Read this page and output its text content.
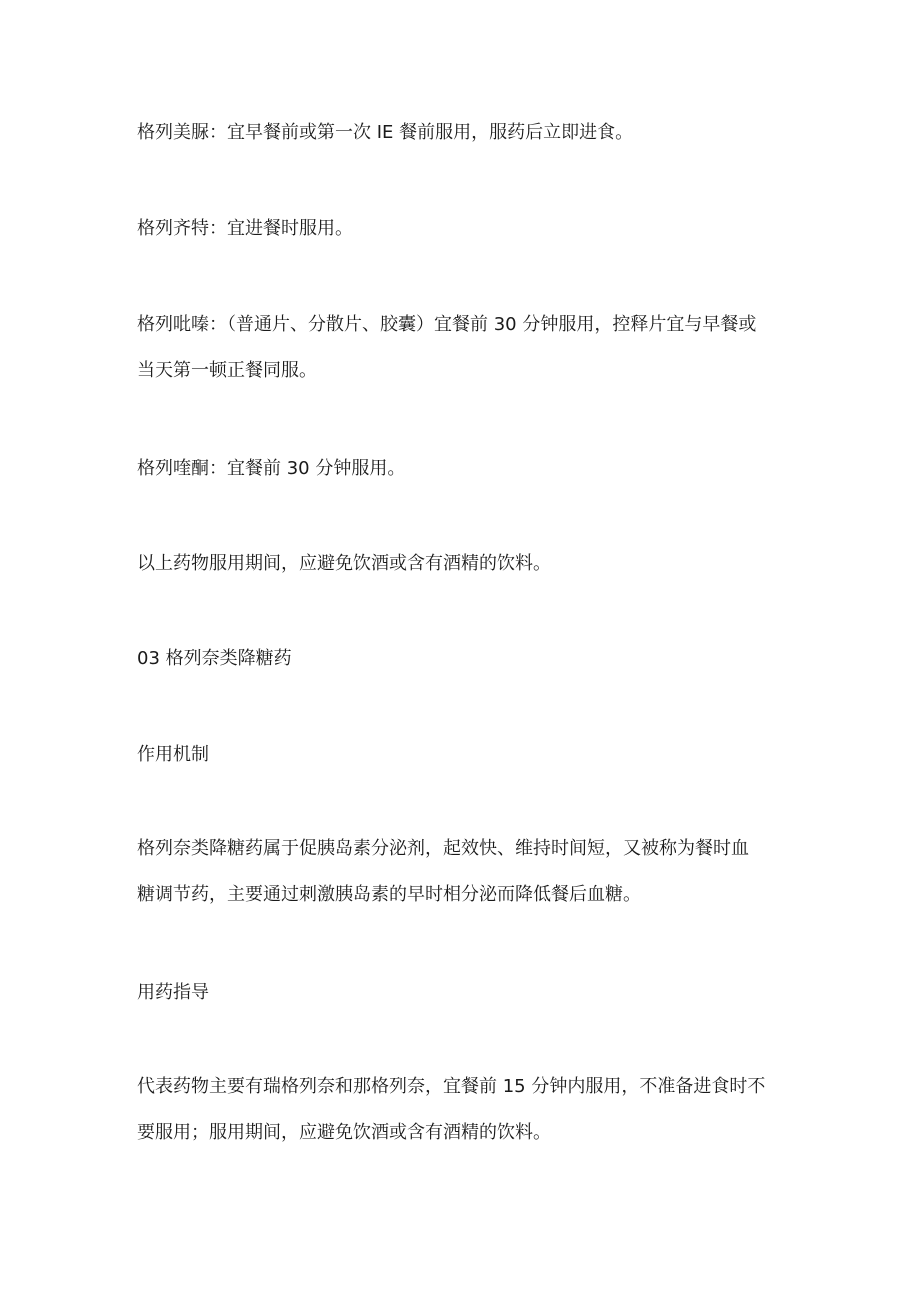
格列美脲：宜早餐前或第一次 IE 餐前服用，服药后立即进食。

格列齐特：宜进餐时服用。

格列吡嗪：（普通片、分散片、胶囊）宜餐前 30 分钟服用，控释片宜与早餐或
当天第一顿正餐同服。

格列喹酮：宜餐前 30 分钟服用。

以上药物服用期间，应避免饮酒或含有酒精的饮料。

03 格列奈类降糖药

作用机制

格列奈类降糖药属于促胰岛素分泌剂，起效快、维持时间短，又被称为餐时血
糖调节药，主要通过刺激胰岛素的早时相分泌而降低餐后血糖。

用药指导

代表药物主要有瑞格列奈和那格列奈，宜餐前 15 分钟内服用，不准备进食时不
要服用；服用期间，应避免饮酒或含有酒精的饮料。
